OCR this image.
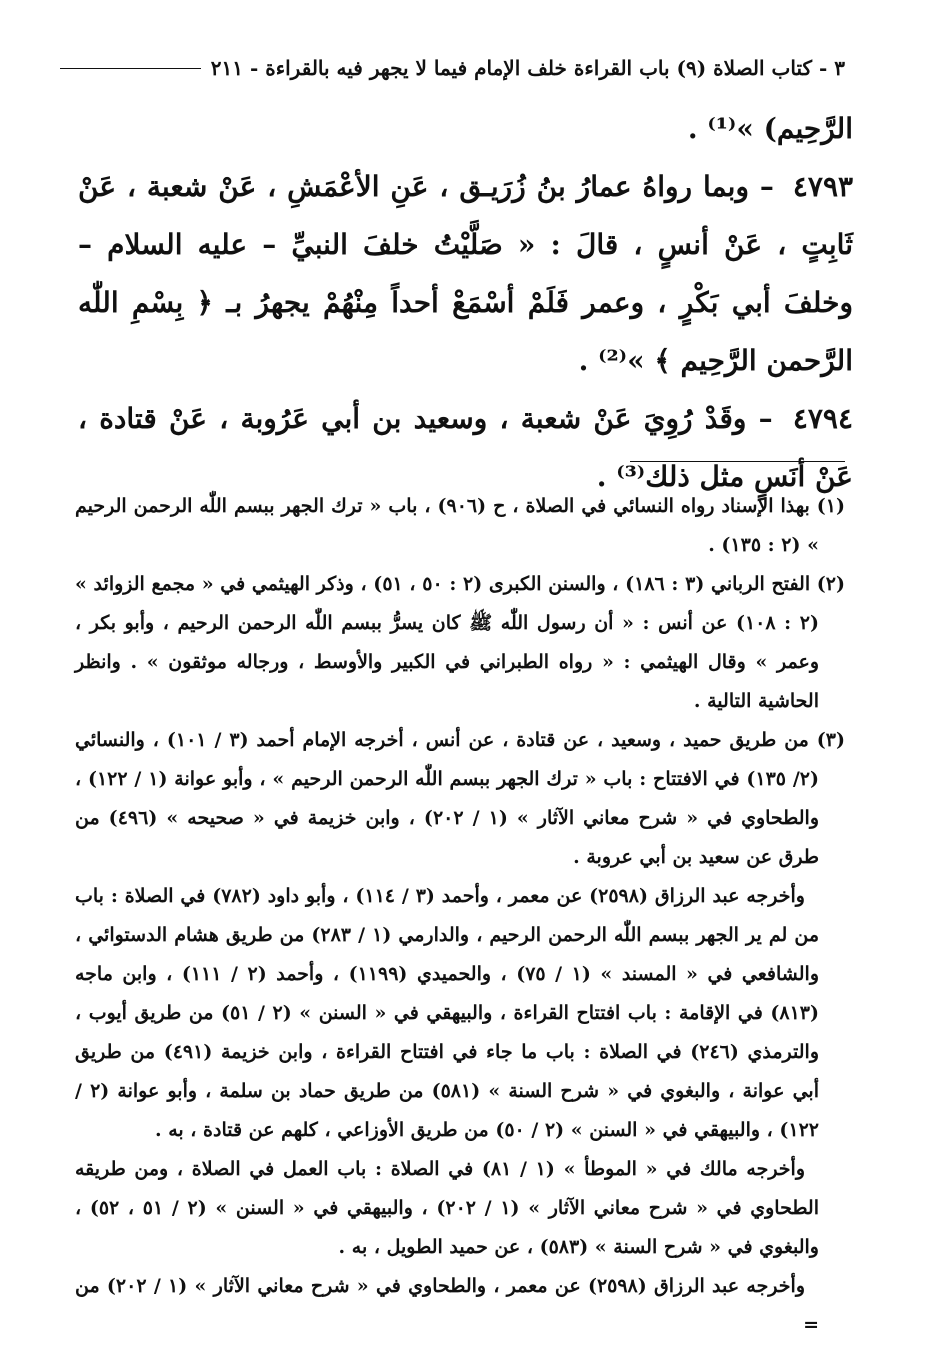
٣ - كتاب الصلاة (٩) باب القراءة خلف الإمام فيما لا يجهر فيه بالقراءة - ٢١١

الرَّحِيم) »⁽¹⁾ .

٤٧٩٣ – وبما رواهُ عمارُ بنُ زُرَيـق ، عَنِ الأعْمَشِ ، عَنْ شعبة ، عَنْ ثَابِتٍ ، عَنْ أنسٍ ، قالَ : « صَلَّيْتُ خلفَ النبيِّ – عليه السلام – وخلفَ أبي بَكْرٍ ، وعمر فَلَمْ أسْمَعْ أحداً مِنْهُمْ يجهرُ بـ ﴿ بِسْمِ اللّٰه الرَّحمن الرَّحِيم ﴾ »⁽²⁾ .

٤٧٩٤ – وقَدْ رُوِيَ عَنْ شعبة ، وسعيد بن أبي عَرُوبة ، عَنْ قتادة ، عَنْ أنَسٍ مثل ذلك⁽³⁾ .

(١) بهذا الإسناد رواه النسائي في الصلاة ، ح (٩٠٦) ، باب « ترك الجهر ببسم اللّٰه الرحمن الرحيم » (٢ : ١٣٥) .

(٢) الفتح الرباني (٣ : ١٨٦) ، والسنن الكبرى (٢ : ٥٠ ، ٥١) ، وذكر الهيثمي في « مجمع الزوائد » (٢ : ١٠٨) عن أنس : « أن رسول اللّٰه ﷺ كان يسرُّ ببسم اللّٰه الرحمن الرحيم ، وأبو بكر ، وعمر » وقال الهيثمي : « رواه الطبراني في الكبير والأوسط ، ورجاله موثقون » . وانظر الحاشية التالية .

(٣) من طريق حميد ، وسعيد ، عن قتادة ، عن أنس ، أخرجه الإمام أحمد (٣ / ١٠١) ، والنسائي (٢/ ١٣٥) في الافتتاح : باب « ترك الجهر ببسم اللّٰه الرحمن الرحيم » ، وأبو عوانة (١ / ١٢٢) ، والطحاوي في « شرح معاني الآثار » (١ / ٢٠٢) ، وابن خزيمة في « صحيحه » (٤٩٦) من طرق عن سعيد بن أبي عروبة .

وأخرجه عبد الرزاق (٢٥٩٨) عن معمر ، وأحمد (٣ / ١١٤) ، وأبو داود (٧٨٢) في الصلاة : باب من لم ير الجهر ببسم اللّٰه الرحمن الرحيم ، والدارمي (١ / ٢٨٣) من طريق هشام الدستوائي ، والشافعي في « المسند » (١ / ٧٥) ، والحميدي (١١٩٩) ، وأحمد (٢ / ١١١) ، وابن ماجه (٨١٣) في الإقامة : باب افتتاح القراءة ، والبيهقي في « السنن » (٢ / ٥١) من طريق أيوب ، والترمذي (٢٤٦) في الصلاة : باب ما جاء في افتتاح القراءة ، وابن خزيمة (٤٩١) من طريق أبي عوانة ، والبغوي في « شرح السنة » (٥٨١) من طريق حماد بن سلمة ، وأبو عوانة (٢ / ١٢٢) ، والبيهقي في « السنن » (٢ / ٥٠) من طريق الأوزاعي ، كلهم عن قتادة ، به .

وأخرجه مالك في « الموطأ » (١ / ٨١) في الصلاة : باب العمل في الصلاة ، ومن طريقه الطحاوي في « شرح معاني الآثار » (١ / ٢٠٢) ، والبيهقي في « السنن » (٢ / ٥١ ، ٥٢) ، والبغوي في « شرح السنة » (٥٨٣) ، عن حميد الطويل ، به .

وأخرجه عبد الرزاق (٢٥٩٨) عن معمر ، والطحاوي في « شرح معاني الآثار » (١ / ٢٠٢) من =
